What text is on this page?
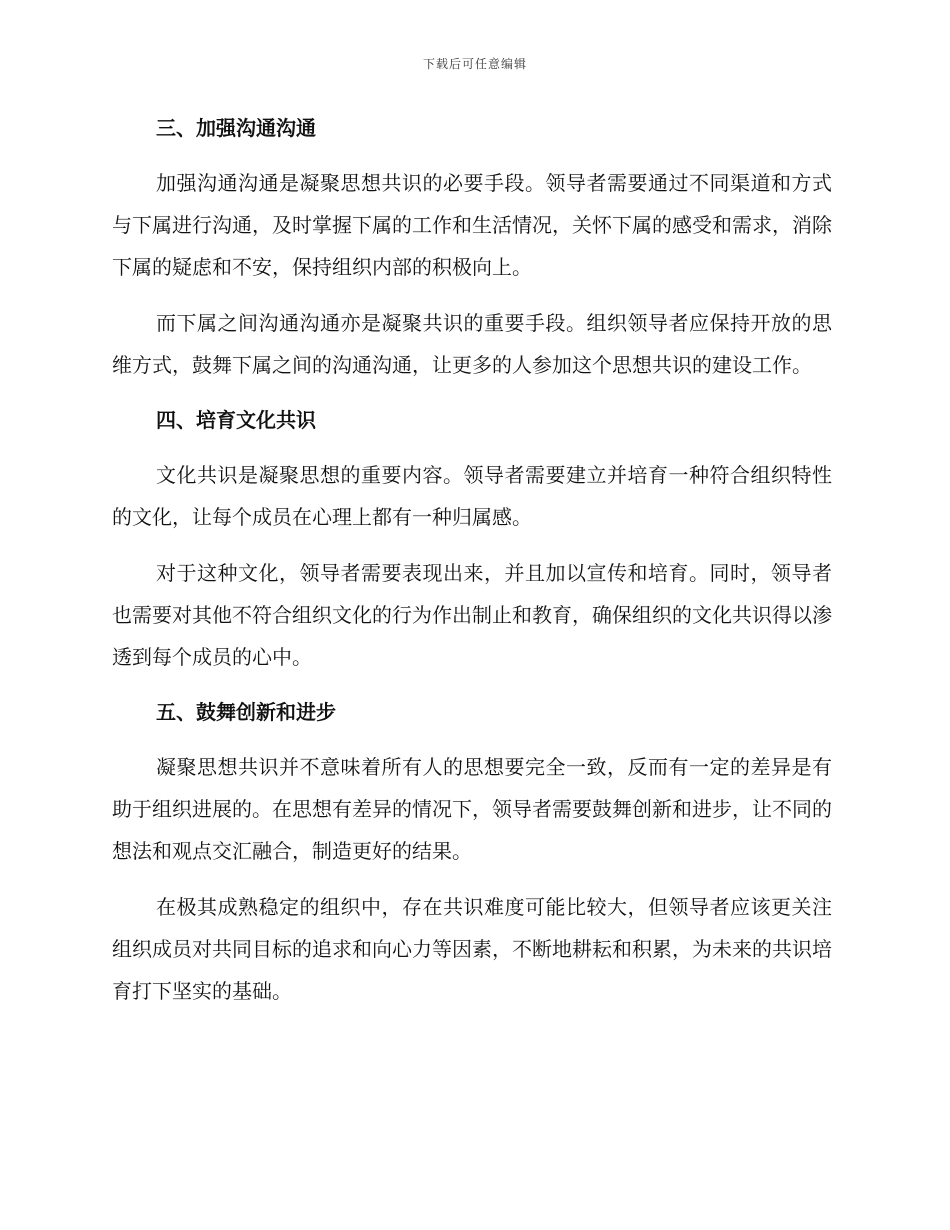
下载后可任意编辑
三、加强沟通沟通

加强沟通沟通是凝聚思想共识的必要手段。领导者需要通过不同渠道和方式与下属进行沟通，及时掌握下属的工作和生活情况，关怀下属的感受和需求，消除下属的疑虑和不安，保持组织内部的积极向上。

而下属之间沟通沟通亦是凝聚共识的重要手段。组织领导者应保持开放的思维方式，鼓舞下属之间的沟通沟通，让更多的人参加这个思想共识的建设工作。

四、培育文化共识

文化共识是凝聚思想的重要内容。领导者需要建立并培育一种符合组织特性的文化，让每个成员在心理上都有一种归属感。

对于这种文化，领导者需要表现出来，并且加以宣传和培育。同时，领导者也需要对其他不符合组织文化的行为作出制止和教育，确保组织的文化共识得以渗透到每个成员的心中。

五、鼓舞创新和进步

凝聚思想共识并不意味着所有人的思想要完全一致，反而有一定的差异是有助于组织进展的。在思想有差异的情况下，领导者需要鼓舞创新和进步，让不同的想法和观点交汇融合，制造更好的结果。

在极其成熟稳定的组织中，存在共识难度可能比较大，但领导者应该更关注组织成员对共同目标的追求和向心力等因素，不断地耕耘和积累，为未来的共识培育打下坚实的基础。
